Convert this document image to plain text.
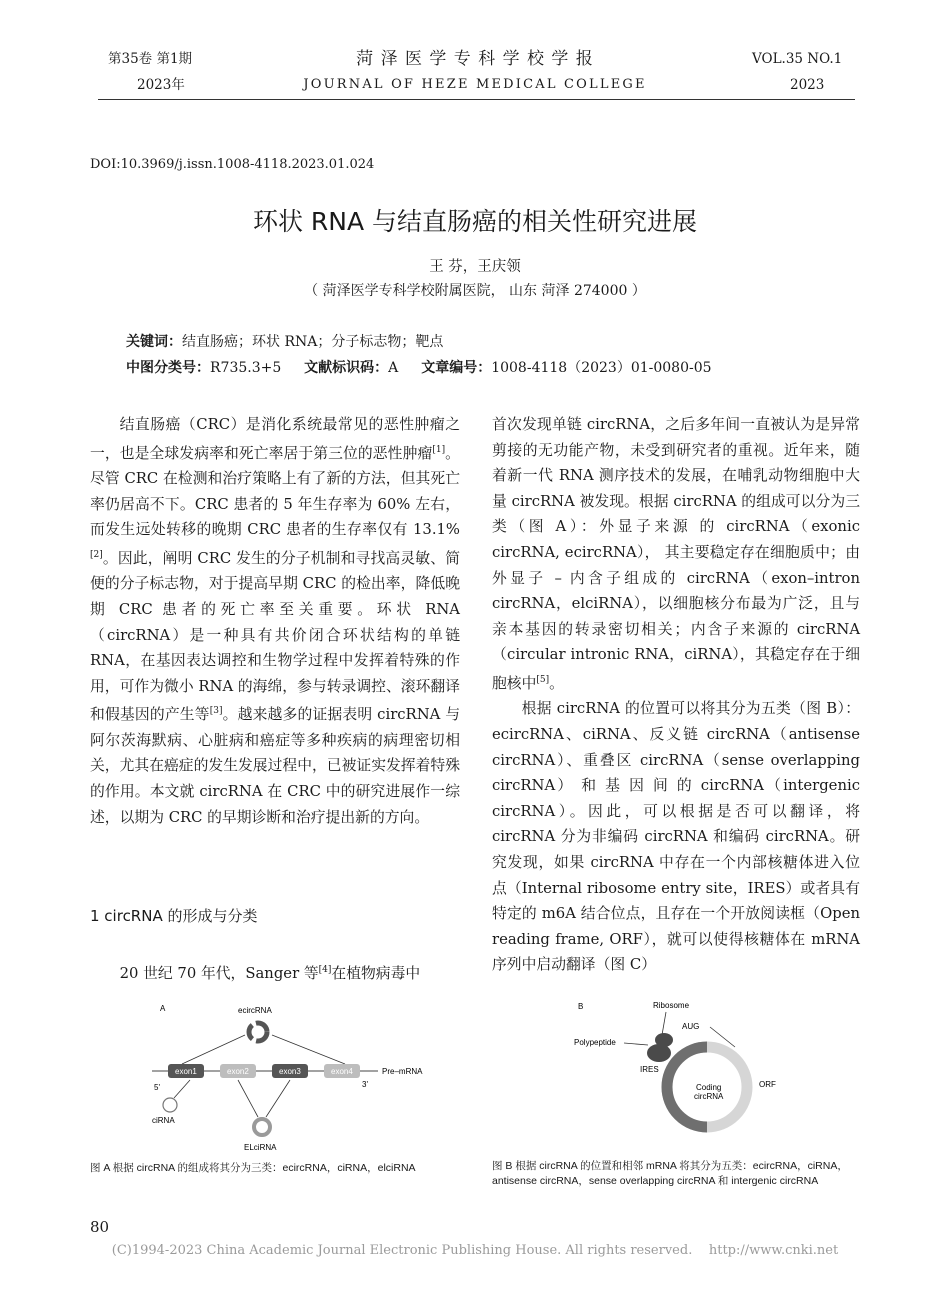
第35卷 第1期
2023年
菏 泽 医 学 专 科 学 校 学 报
JOURNAL OF HEZE MEDICAL COLLEGE
VOL.35 NO.1
2023
DOI:10.3969/j.issn.1008-4118.2023.01.024
环状 RNA 与结直肠癌的相关性研究进展
王 芬，王庆领
（ 菏泽医学专科学校附属医院， 山东 菏泽 274000 ）
关键词：结直肠癌；环状 RNA；分子标志物；靶点
中图分类号：R735.3+5 文献标识码：A 文章编号：1008-4118（2023）01-0080-05

结直肠癌（CRC）是消化系统最常见的恶性肿瘤之一，也是全球发病率和死亡率居于第三位的恶性肿瘤[1]。尽管 CRC 在检测和治疗策略上有了新的方法，但其死亡率仍居高不下。CRC 患者的 5 年生存率为 60% 左右，而发生远处转移的晚期 CRC 患者的生存率仅有 13.1%[2]。因此，阐明 CRC 发生的分子机制和寻找高灵敏、简便的分子标志物，对于提高早期 CRC 的检出率，降低晚期 CRC 患者的死亡率至关重要。环状 RNA（circRNA）是一种具有共价闭合环状结构的单链 RNA，在基因表达调控和生物学过程中发挥着特殊的作用，可作为微小 RNA 的海绵，参与转录调控、滚环翻译和假基因的产生等[3]。越来越多的证据表明 circRNA 与阿尔茨海默病、心脏病和癌症等多种疾病的病理密切相关，尤其在癌症的发生发展过程中，已被证实发挥着特殊的作用。本文就 circRNA 在 CRC 中的研究进展作一综述，以期为 CRC 的早期诊断和治疗提出新的方向。

1 circRNA 的形成与分类

20 世纪 70 年代，Sanger 等[4]在植物病毒中

首次发现单链 circRNA，之后多年间一直被认为是异常剪接的无功能产物，未受到研究者的重视。近年来，随着新一代 RNA 测序技术的发展，在哺乳动物细胞中大量 circRNA 被发现。根据 circRNA 的组成可以分为三类（图 A）：外显子来源 的 circRNA（exonic circRNA, ecircRNA）， 其主要稳定存在细胞质中；由外显子 – 内含子组成的 circRNA（exon–intron circRNA，elciRNA），以细胞核分布最为广泛，且与亲本基因的转录密切相关；内含子来源的 circRNA（circular intronic RNA，ciRNA），其稳定存在于细胞核中[5]。

根据 circRNA 的位置可以将其分为五类（图 B）：ecircRNA、ciRNA、反义链 circRNA（antisense circRNA）、重叠区 circRNA（sense overlapping circRNA） 和 基 因 间 的 circRNA（intergenic circRNA）。因此，可以根据是否可以翻译，将 circRNA 分为非编码 circRNA 和编码 circRNA。研究发现，如果 circRNA 中存在一个内部核糖体进入位点（Internal ribosome entry site，IRES）或者具有特定的 m6A 结合位点，且存在一个开放阅读框（Open reading frame, ORF），就可以使得核糖体在 mRNA 序列中启动翻译（图 C）

A	ecircRNA
exon1	exon2	exon3	exon4	Pre–mRNA
5'	3'
ciRNA
ELciRNA
图 A 根据 circRNA 的组成将其分为三类：ecircRNA，ciRNA，elciRNA
B	Ribosome
AUG
Polypeptide
IRES
Coding
circRNA
ORF
图 B 根据 circRNA 的位置和相邻 mRNA 将其分为五类：ecircRNA，ciRNA，
antisense circRNA，sense overlapping circRNA 和 intergenic circRNA
80
(C)1994-2023 China Academic Journal Electronic Publishing House. All rights reserved.    http://www.cnki.net
